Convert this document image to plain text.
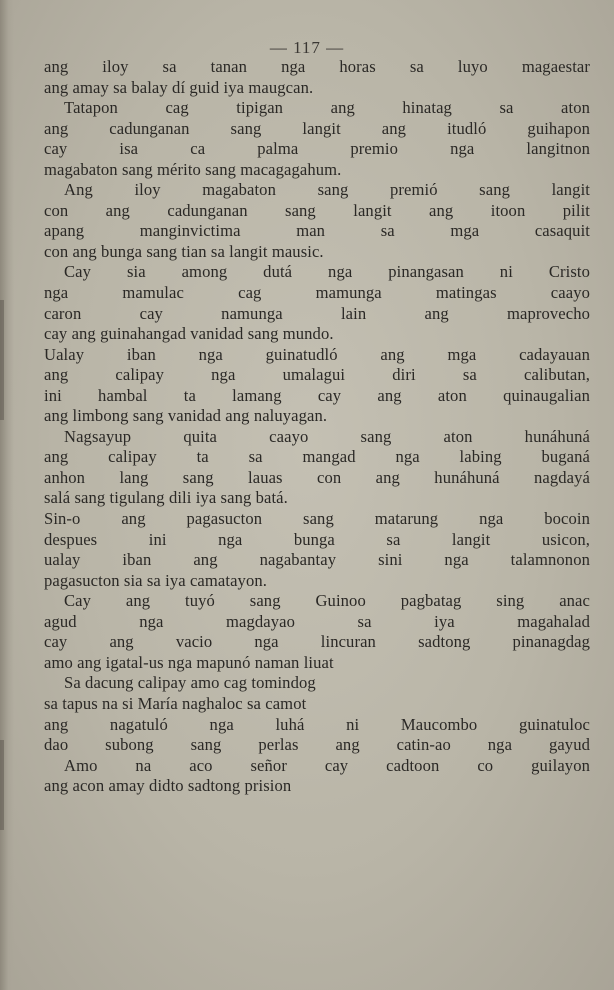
— 117 —
ang iloy sa tanan nga horas sa luyo magaestar
ang amay sa balay dí guid iya maugcan.
Tatapon cag tipigan ang hinatag sa aton
ang cadunganan sang langit ang itudló guihapon
cay isa ca palma premio nga langitnon
magabaton sang mérito sang macagagahum.
Ang iloy magabaton sang premió sang langit
con ang cadunganan sang langit ang itoon pilit
apang manginvictima man sa mga casaquit
con ang bunga sang tian sa langit mausic.
Cay sia among dutá nga pinangasan ni Cristo
nga mamulac cag mamunga matingas caayo
caron cay namunga lain ang maprovecho
cay ang guinahangad vanidad sang mundo.
Ualay iban nga guinatudló ang mga cadayauan
ang calipay nga umalagui diri sa calibutan,
ini hambal ta lamang cay ang aton quinaugalian
ang limbong sang vanidad ang naluyagan.
Nagsayup quita caayo sang aton hunáhuná
ang calipay ta sa mangad nga labing buganá
anhon lang sang lauas con ang hunáhuná nagdayá
salá sang tigulang dili iya sang batá.
Sin-o ang pagasucton sang matarung nga bocoin
despues ini nga bunga sa langit usicon,
ualay iban ang nagabantay sini nga talamnonon
pagasucton sia sa iya camatayon.
Cay ang tuyó sang Guinoo pagbatag sing anac
agud nga magdayao sa iya magahalad
cay ang vacio nga lincuran sadtong pinanagdag
amo ang igatal-us nga mapunó naman liuat
Sa dacung calipay amo cag tomindog
sa tapus na si María naghaloc sa camot
ang nagatuló nga luhá ni Maucombo guinatuloc
dao subong sang perlas ang catin-ao nga gayud
Amo na aco señor cay cadtoon co guilayon
ang acon amay didto sadtong prision
